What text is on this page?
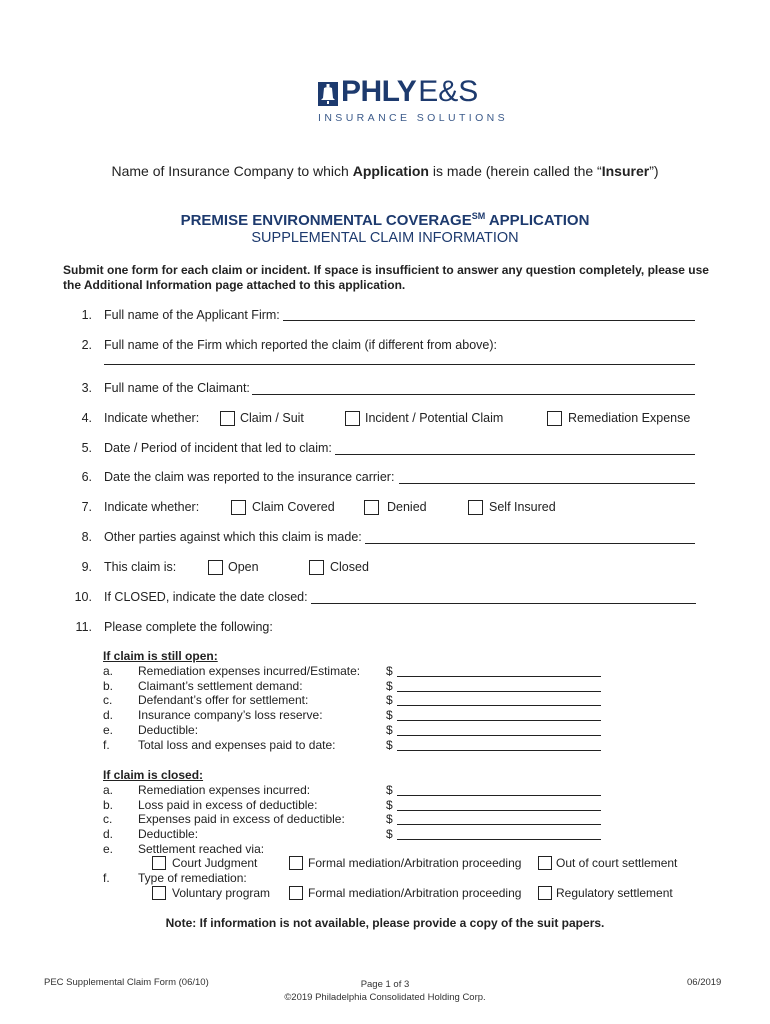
PHLY E&S
INSURANCE SOLUTIONS
Name of Insurance Company to which Application is made (herein called the “Insurer”)
PREMISE ENVIRONMENTAL COVERAGE℠ APPLICATION
SUPPLEMENTAL CLAIM INFORMATION
Submit one form for each claim or incident. If space is insufficient to answer any question completely, please use the Additional Information page attached to this application.
1. Full name of the Applicant Firm:
2. Full name of the Firm which reported the claim (if different from above):
3. Full name of the Claimant:
4. Indicate whether:	Claim / Suit	Incident / Potential Claim	Remediation Expense
5. Date / Period of incident that led to claim:
6. Date the claim was reported to the insurance carrier:
7. Indicate whether:	Claim Covered	Denied	Self Insured
8. Other parties against which this claim is made:
9. This claim is:	Open	Closed
10. If CLOSED, indicate the date closed:
11. Please complete the following:
If claim is still open:
a. Remediation expenses incurred/Estimate: $
b. Claimant’s settlement demand:	$
c. Defendant’s offer for settlement:	$
d. Insurance company’s loss reserve:	$
e. Deductible:	$
f. Total loss and expenses paid to date:	$
If claim is closed:
a. Remediation expenses incurred:	$
b. Loss paid in excess of deductible:	$
c. Expenses paid in excess of deductible:	$
d. Deductible:	$
e. Settlement reached via:
Court Judgment	Formal mediation/Arbitration proceeding	Out of court settlement
f. Type of remediation:
Voluntary program	Formal mediation/Arbitration proceeding	Regulatory settlement
Note: If information is not available, please provide a copy of the suit papers.
PEC Supplemental Claim Form (06/10)	Page 1 of 3
©2019 Philadelphia Consolidated Holding Corp.
06/2019
